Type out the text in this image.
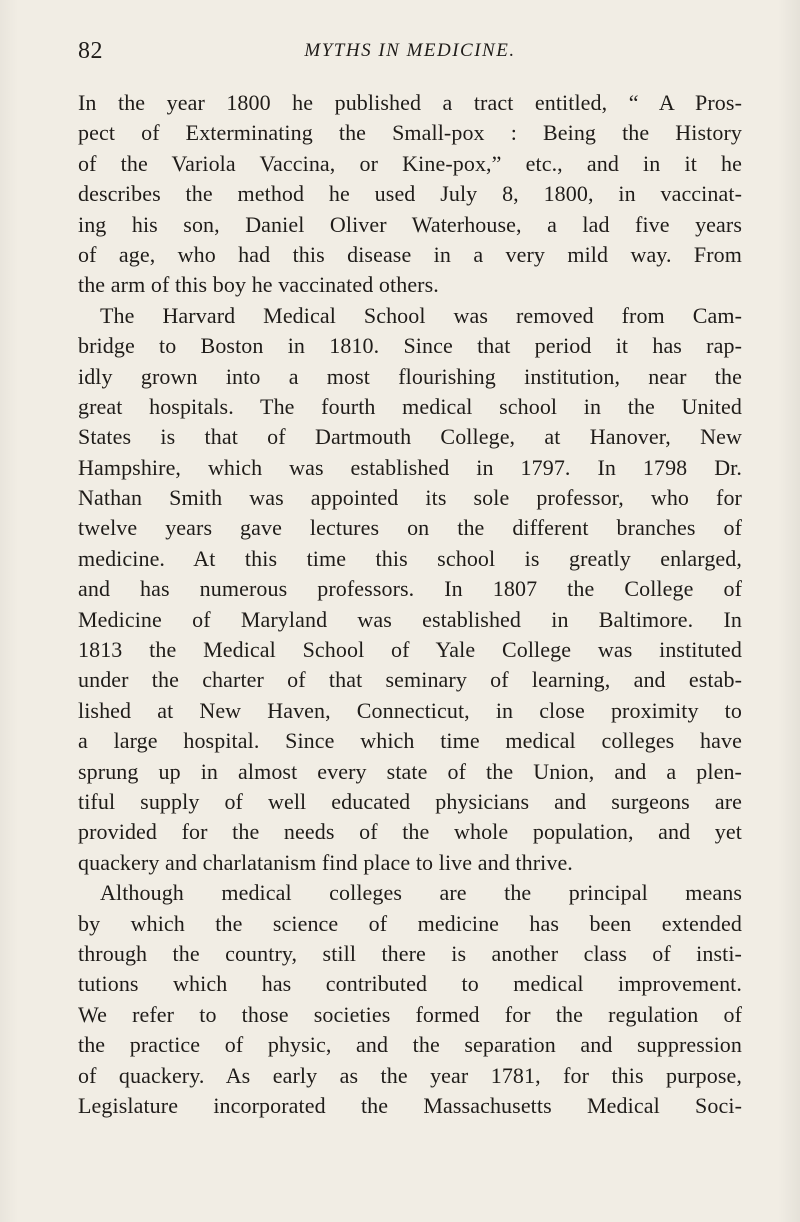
82	MYTHS IN MEDICINE.
In the year 1800 he published a tract entitled, “ A Pros-
pect of Exterminating the Small-pox : Being the History
of the Variola Vaccina, or Kine-pox,” etc., and in it he
describes the method he used July 8, 1800, in vaccinat-
ing his son, Daniel Oliver Waterhouse, a lad five years
of age, who had this disease in a very mild way. From
the arm of this boy he vaccinated others.
The Harvard Medical School was removed from Cam-
bridge to Boston in 1810. Since that period it has rap-
idly grown into a most flourishing institution, near the
great hospitals. The fourth medical school in the United
States is that of Dartmouth College, at Hanover, New
Hampshire, which was established in 1797. In 1798 Dr.
Nathan Smith was appointed its sole professor, who for
twelve years gave lectures on the different branches of
medicine. At this time this school is greatly enlarged,
and has numerous professors. In 1807 the College of
Medicine of Maryland was established in Baltimore. In
1813 the Medical School of Yale College was instituted
under the charter of that seminary of learning, and estab-
lished at New Haven, Connecticut, in close proximity to
a large hospital. Since which time medical colleges have
sprung up in almost every state of the Union, and a plen-
tiful supply of well educated physicians and surgeons are
provided for the needs of the whole population, and yet
quackery and charlatanism find place to live and thrive.
Although medical colleges are the principal means
by which the science of medicine has been extended
through the country, still there is another class of insti-
tutions which has contributed to medical improvement.
We refer to those societies formed for the regulation of
the practice of physic, and the separation and suppression
of quackery. As early as the year 1781, for this purpose,
Legislature incorporated the Massachusetts Medical Soci-
